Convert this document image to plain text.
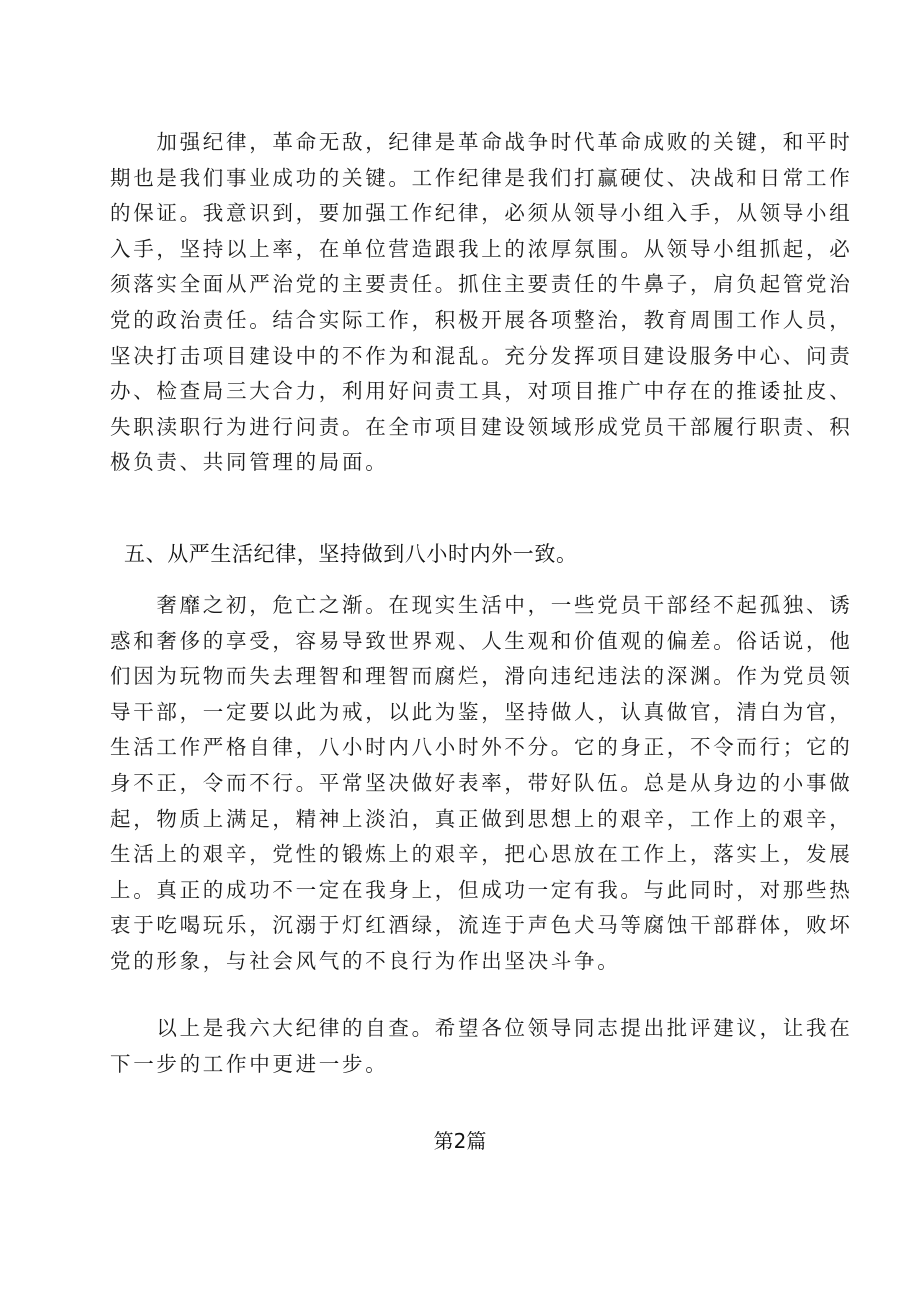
　　加强纪律，革命无敌，纪律是革命战争时代革命成败的关键，和平时期也是我们事业成功的关键。工作纪律是我们打赢硬仗、决战和日常工作的保证。我意识到，要加强工作纪律，必须从领导小组入手，从领导小组入手，坚持以上率，在单位营造跟我上的浓厚氛围。从领导小组抓起，必须落实全面从严治党的主要责任。抓住主要责任的牛鼻子，肩负起管党治党的政治责任。结合实际工作，积极开展各项整治，教育周围工作人员，坚决打击项目建设中的不作为和混乱。充分发挥项目建设服务中心、问责办、检查局三大合力，利用好问责工具，对项目推广中存在的推诿扯皮、失职渎职行为进行问责。在全市项目建设领域形成党员干部履行职责、积极负责、共同管理的局面。

五、从严生活纪律，坚持做到八小时内外一致。

　　奢靡之初，危亡之渐。在现实生活中，一些党员干部经不起孤独、诱惑和奢侈的享受，容易导致世界观、人生观和价值观的偏差。俗话说，他们因为玩物而失去理智和理智而腐烂，滑向违纪违法的深渊。作为党员领导干部，一定要以此为戒，以此为鉴，坚持做人，认真做官，清白为官，生活工作严格自律，八小时内八小时外不分。它的身正，不令而行；它的身不正，令而不行。平常坚决做好表率，带好队伍。总是从身边的小事做起，物质上满足，精神上淡泊，真正做到思想上的艰辛，工作上的艰辛，生活上的艰辛，党性的锻炼上的艰辛，把心思放在工作上，落实上，发展上。真正的成功不一定在我身上，但成功一定有我。与此同时，对那些热衷于吃喝玩乐，沉溺于灯红酒绿，流连于声色犬马等腐蚀干部群体，败坏党的形象，与社会风气的不良行为作出坚决斗争。

　　以上是我六大纪律的自查。希望各位领导同志提出批评建议，让我在下一步的工作中更进一步。

第2篇
